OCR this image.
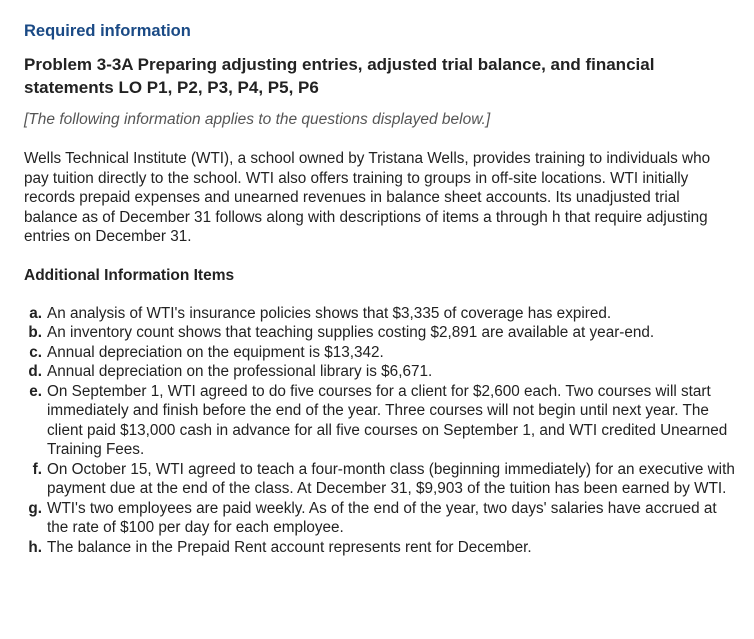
Required information
Problem 3-3A Preparing adjusting entries, adjusted trial balance, and financial statements LO P1, P2, P3, P4, P5, P6
[The following information applies to the questions displayed below.]
Wells Technical Institute (WTI), a school owned by Tristana Wells, provides training to individuals who pay tuition directly to the school. WTI also offers training to groups in off-site locations. WTI initially records prepaid expenses and unearned revenues in balance sheet accounts. Its unadjusted trial balance as of December 31 follows along with descriptions of items a through h that require adjusting entries on December 31.
Additional Information Items
a. An analysis of WTI's insurance policies shows that $3,335 of coverage has expired.
b. An inventory count shows that teaching supplies costing $2,891 are available at year-end.
c. Annual depreciation on the equipment is $13,342.
d. Annual depreciation on the professional library is $6,671.
e. On September 1, WTI agreed to do five courses for a client for $2,600 each. Two courses will start immediately and finish before the end of the year. Three courses will not begin until next year. The client paid $13,000 cash in advance for all five courses on September 1, and WTI credited Unearned Training Fees.
f. On October 15, WTI agreed to teach a four-month class (beginning immediately) for an executive with payment due at the end of the class. At December 31, $9,903 of the tuition has been earned by WTI.
g. WTI's two employees are paid weekly. As of the end of the year, two days' salaries have accrued at the rate of $100 per day for each employee.
h. The balance in the Prepaid Rent account represents rent for December.
